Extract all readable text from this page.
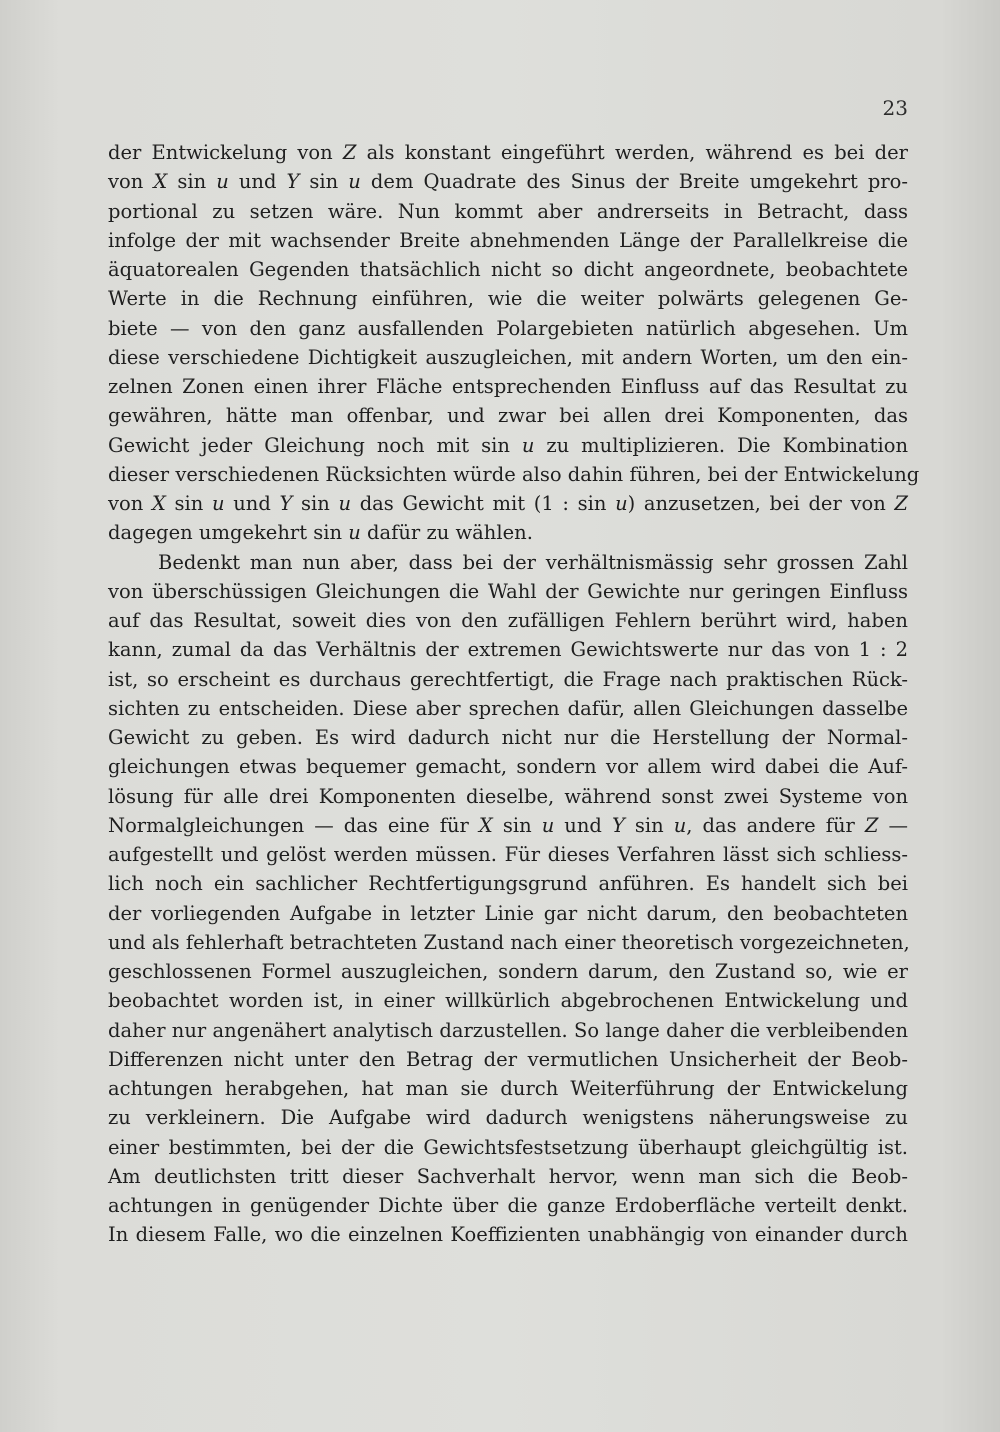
23
der Entwickelung von Z als konstant eingeführt werden, während es bei der
von X sin u und Y sin u dem Quadrate des Sinus der Breite umgekehrt pro-
portional zu setzen wäre. Nun kommt aber andrerseits in Betracht, dass
infolge der mit wachsender Breite abnehmenden Länge der Parallelkreise die
äquatorealen Gegenden thatsächlich nicht so dicht angeordnete, beobachtete
Werte in die Rechnung einführen, wie die weiter polwärts gelegenen Ge-
biete — von den ganz ausfallenden Polargebieten natürlich abgesehen. Um
diese verschiedene Dichtigkeit auszugleichen, mit andern Worten, um den ein-
zelnen Zonen einen ihrer Fläche entsprechenden Einfluss auf das Resultat zu
gewähren, hätte man offenbar, und zwar bei allen drei Komponenten, das
Gewicht jeder Gleichung noch mit sin u zu multiplizieren. Die Kombination
dieser verschiedenen Rücksichten würde also dahin führen, bei der Entwickelung
von X sin u und Y sin u das Gewicht mit (1 : sin u) anzusetzen, bei der von Z
dagegen umgekehrt sin u dafür zu wählen.
Bedenkt man nun aber, dass bei der verhältnismässig sehr grossen Zahl
von überschüssigen Gleichungen die Wahl der Gewichte nur geringen Einfluss
auf das Resultat, soweit dies von den zufälligen Fehlern berührt wird, haben
kann, zumal da das Verhältnis der extremen Gewichtswerte nur das von 1 : 2
ist, so erscheint es durchaus gerechtfertigt, die Frage nach praktischen Rück-
sichten zu entscheiden. Diese aber sprechen dafür, allen Gleichungen dasselbe
Gewicht zu geben. Es wird dadurch nicht nur die Herstellung der Normal-
gleichungen etwas bequemer gemacht, sondern vor allem wird dabei die Auf-
lösung für alle drei Komponenten dieselbe, während sonst zwei Systeme von
Normalgleichungen — das eine für X sin u und Y sin u, das andere für Z —
aufgestellt und gelöst werden müssen. Für dieses Verfahren lässt sich schliess-
lich noch ein sachlicher Rechtfertigungsgrund anführen. Es handelt sich bei
der vorliegenden Aufgabe in letzter Linie gar nicht darum, den beobachteten
und als fehlerhaft betrachteten Zustand nach einer theoretisch vorgezeichneten,
geschlossenen Formel auszugleichen, sondern darum, den Zustand so, wie er
beobachtet worden ist, in einer willkürlich abgebrochenen Entwickelung und
daher nur angenähert analytisch darzustellen. So lange daher die verbleibenden
Differenzen nicht unter den Betrag der vermutlichen Unsicherheit der Beob-
achtungen herabgehen, hat man sie durch Weiterführung der Entwickelung
zu verkleinern. Die Aufgabe wird dadurch wenigstens näherungsweise zu
einer bestimmten, bei der die Gewichtsfestsetzung überhaupt gleichgültig ist.
Am deutlichsten tritt dieser Sachverhalt hervor, wenn man sich die Beob-
achtungen in genügender Dichte über die ganze Erdoberfläche verteilt denkt.
In diesem Falle, wo die einzelnen Koeffizienten unabhängig von einander durch
